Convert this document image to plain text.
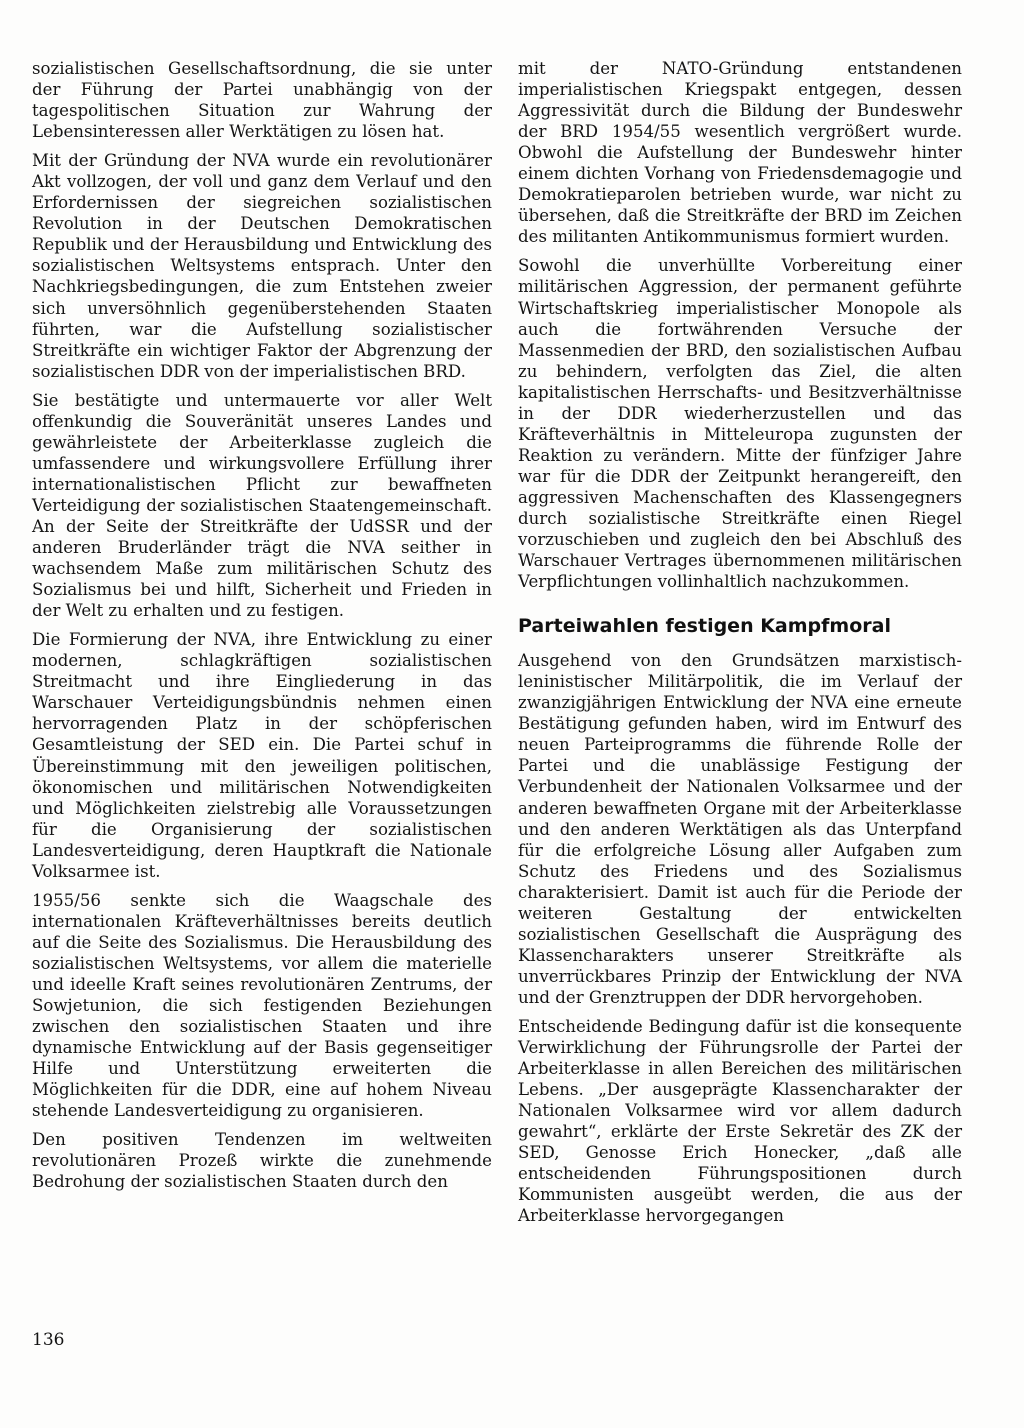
sozialistischen Gesellschaftsordnung, die sie unter der Führung der Partei unabhängig von der tagespolitischen Situation zur Wahrung der Lebensinteressen aller Werktätigen zu lösen hat.

Mit der Gründung der NVA wurde ein revolutionärer Akt vollzogen, der voll und ganz dem Verlauf und den Erfordernissen der siegreichen sozialistischen Revolution in der Deutschen Demokratischen Republik und der Herausbildung und Entwicklung des sozialistischen Weltsystems entsprach. Unter den Nachkriegsbedingungen, die zum Entstehen zweier sich unversöhnlich gegenüberstehenden Staaten führten, war die Aufstellung sozialistischer Streitkräfte ein wichtiger Faktor der Abgrenzung der sozialistischen DDR von der imperialistischen BRD.

Sie bestätigte und untermauerte vor aller Welt offenkundig die Souveränität unseres Landes und gewährleistete der Arbeiterklasse zugleich die umfassendere und wirkungsvollere Erfüllung ihrer internationalistischen Pflicht zur bewaffneten Verteidigung der sozialistischen Staatengemeinschaft. An der Seite der Streitkräfte der UdSSR und der anderen Bruderländer trägt die NVA seither in wachsendem Maße zum militärischen Schutz des Sozialismus bei und hilft, Sicherheit und Frieden in der Welt zu erhalten und zu festigen.

Die Formierung der NVA, ihre Entwicklung zu einer modernen, schlagkräftigen sozialistischen Streitmacht und ihre Eingliederung in das Warschauer Verteidigungsbündnis nehmen einen hervorragenden Platz in der schöpferischen Gesamtleistung der SED ein. Die Partei schuf in Übereinstimmung mit den jeweiligen politischen, ökonomischen und militärischen Notwendigkeiten und Möglichkeiten zielstrebig alle Voraussetzungen für die Organisierung der sozialistischen Landesverteidigung, deren Hauptkraft die Nationale Volksarmee ist.

1955/56 senkte sich die Waagschale des internationalen Kräfteverhältnisses bereits deutlich auf die Seite des Sozialismus. Die Herausbildung des sozialistischen Weltsystems, vor allem die materielle und ideelle Kraft seines revolutionären Zentrums, der Sowjetunion, die sich festigenden Beziehungen zwischen den sozialistischen Staaten und ihre dynamische Entwicklung auf der Basis gegenseitiger Hilfe und Unterstützung erweiterten die Möglichkeiten für die DDR, eine auf hohem Niveau stehende Landesverteidigung zu organisieren.

Den positiven Tendenzen im weltweiten revolutionären Prozeß wirkte die zunehmende Bedrohung der sozialistischen Staaten durch den

mit der NATO-Gründung entstandenen imperialistischen Kriegspakt entgegen, dessen Aggressivität durch die Bildung der Bundeswehr der BRD 1954/55 wesentlich vergrößert wurde. Obwohl die Aufstellung der Bundeswehr hinter einem dichten Vorhang von Friedensdemagogie und Demokratieparolen betrieben wurde, war nicht zu übersehen, daß die Streitkräfte der BRD im Zeichen des militanten Antikommunismus formiert wurden.

Sowohl die unverhüllte Vorbereitung einer militärischen Aggression, der permanent geführte Wirtschaftskrieg imperialistischer Monopole als auch die fortwährenden Versuche der Massenmedien der BRD, den sozialistischen Aufbau zu behindern, verfolgten das Ziel, die alten kapitalistischen Herrschafts- und Besitzverhältnisse in der DDR wiederherzustellen und das Kräfteverhältnis in Mitteleuropa zugunsten der Reaktion zu verändern. Mitte der fünfziger Jahre war für die DDR der Zeitpunkt herangereift, den aggressiven Machenschaften des Klassengegners durch sozialistische Streitkräfte einen Riegel vorzuschieben und zugleich den bei Abschluß des Warschauer Vertrages übernommenen militärischen Verpflichtungen vollinhaltlich nachzukommen.

Parteiwahlen festigen Kampfmoral

Ausgehend von den Grundsätzen marxistisch-leninistischer Militärpolitik, die im Verlauf der zwanzigjährigen Entwicklung der NVA eine erneute Bestätigung gefunden haben, wird im Entwurf des neuen Parteiprogramms die führende Rolle der Partei und die unablässige Festigung der Verbundenheit der Nationalen Volksarmee und der anderen bewaffneten Organe mit der Arbeiterklasse und den anderen Werktätigen als das Unterpfand für die erfolgreiche Lösung aller Aufgaben zum Schutz des Friedens und des Sozialismus charakterisiert. Damit ist auch für die Periode der weiteren Gestaltung der entwickelten sozialistischen Gesellschaft die Ausprägung des Klassencharakters unserer Streitkräfte als unverrückbares Prinzip der Entwicklung der NVA und der Grenztruppen der DDR hervorgehoben.

Entscheidende Bedingung dafür ist die konsequente Verwirklichung der Führungsrolle der Partei der Arbeiterklasse in allen Bereichen des militärischen Lebens. „Der ausgeprägte Klassencharakter der Nationalen Volksarmee wird vor allem dadurch gewahrt“, erklärte der Erste Sekretär des ZK der SED, Genosse Erich Honecker, „daß alle entscheidenden Führungspositionen durch Kommunisten ausgeübt werden, die aus der Arbeiterklasse hervorgegangen

136
